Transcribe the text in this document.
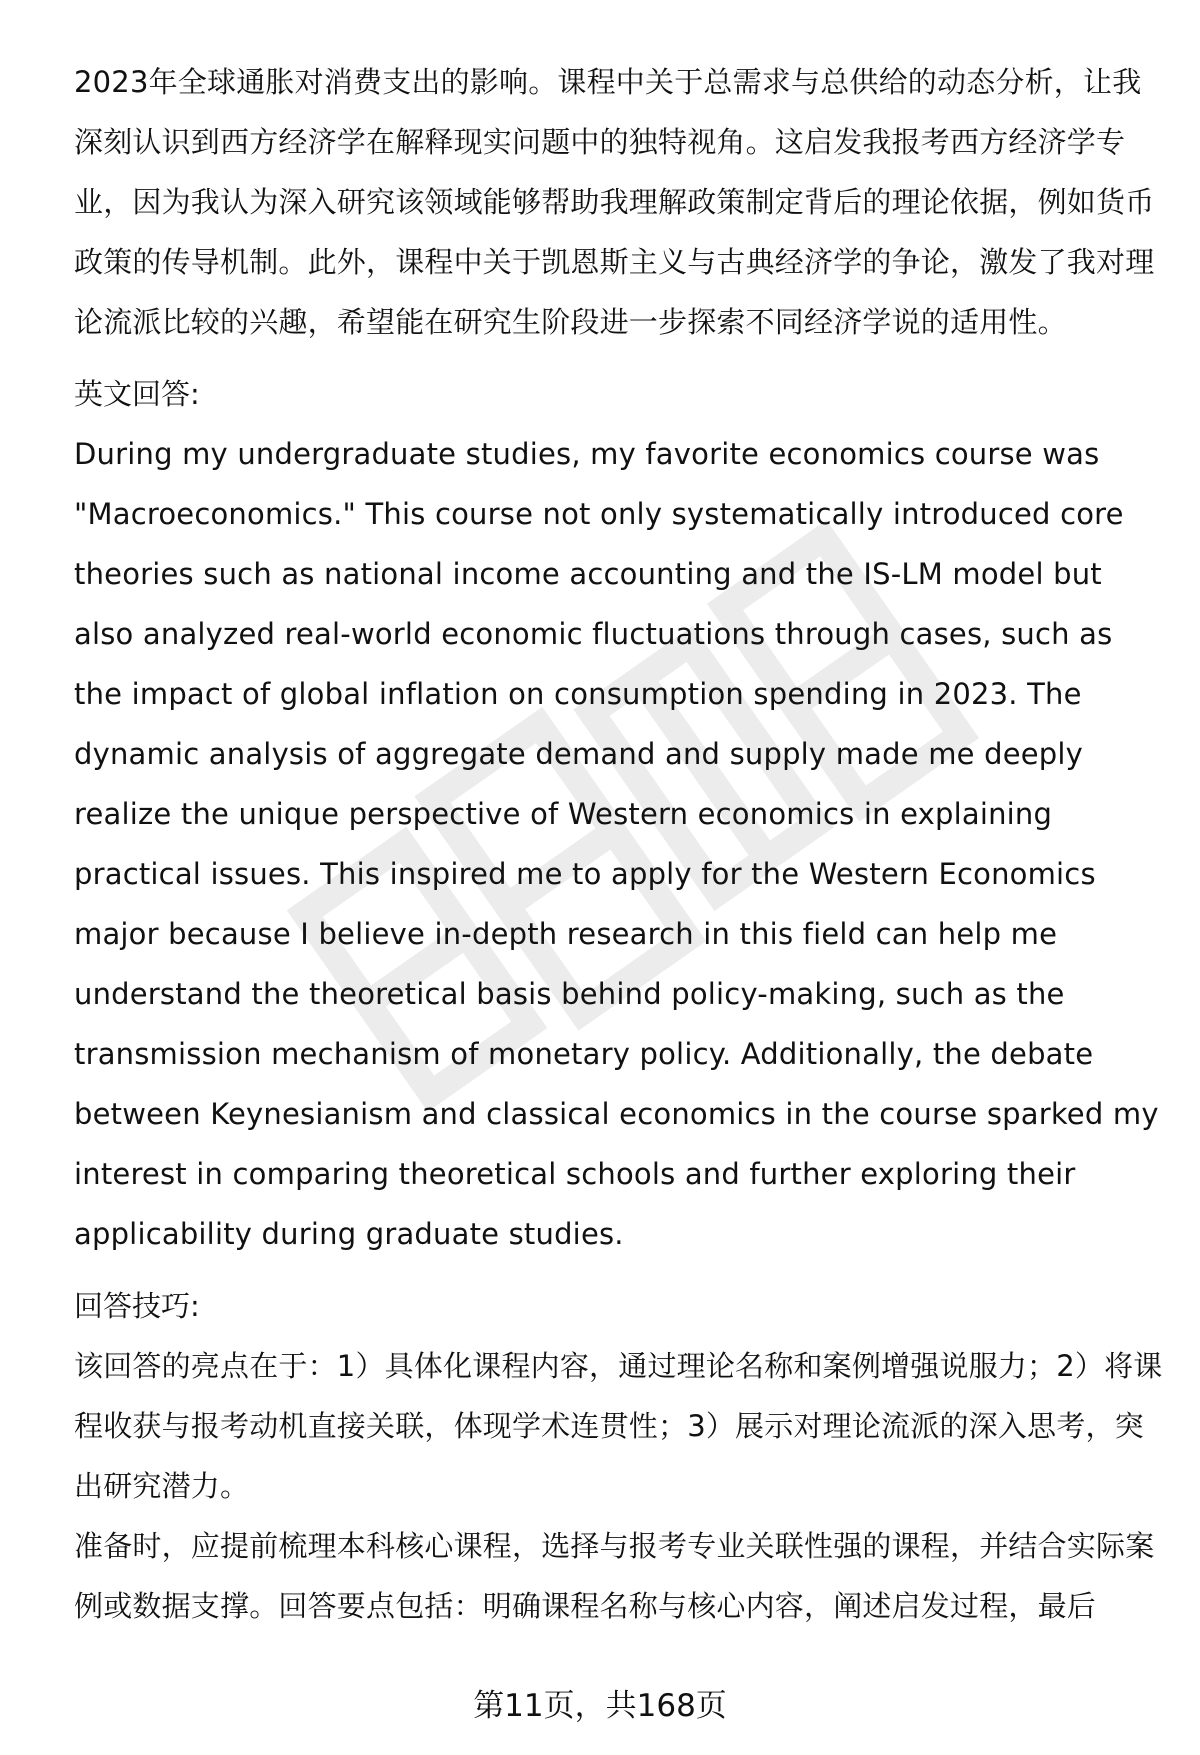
2023年全球通胀对消费支出的影响。课程中关于总需求与总供给的动态分析，让我深刻认识到西方经济学在解释现实问题中的独特视角。这启发我报考西方经济学专业，因为我认为深入研究该领域能够帮助我理解政策制定背后的理论依据，例如货币政策的传导机制。此外，课程中关于凯恩斯主义与古典经济学的争论，激发了我对理论流派比较的兴趣，希望能在研究生阶段进一步探索不同经济学说的适用性。

英文回答:

During my undergraduate studies, my favorite economics course was "Macroeconomics." This course not only systematically introduced core theories such as national income accounting and the IS-LM model but also analyzed real-world economic fluctuations through cases, such as the impact of global inflation on consumption spending in 2023. The dynamic analysis of aggregate demand and supply made me deeply realize the unique perspective of Western economics in explaining practical issues. This inspired me to apply for the Western Economics major because I believe in-depth research in this field can help me understand the theoretical basis behind policy-making, such as the transmission mechanism of monetary policy. Additionally, the debate between Keynesianism and classical economics in the course sparked my interest in comparing theoretical schools and further exploring their applicability during graduate studies.

回答技巧:

该回答的亮点在于：1）具体化课程内容，通过理论名称和案例增强说服力；2）将课程收获与报考动机直接关联，体现学术连贯性；3）展示对理论流派的深入思考，突出研究潜力。

准备时，应提前梳理本科核心课程，选择与报考专业关联性强的课程，并结合实际案例或数据支撑。回答要点包括：明确课程名称与核心内容，阐述启发过程，最后

第11页，共168页
